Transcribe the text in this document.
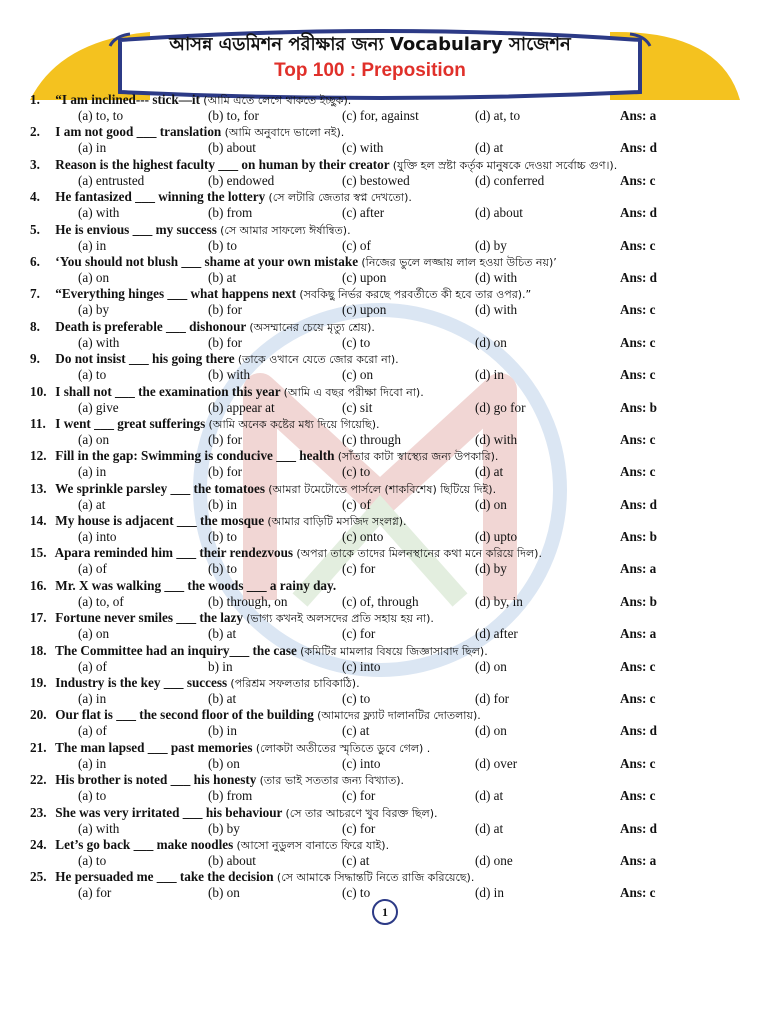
আসন্ন এডমিশন পরীক্ষার জন্য Vocabulary সাজেশন
Top 100 : Preposition
1. “I am inclined--- stick—it (আমি এতে লেগে থাকতে ইচ্ছুক).
(a) to, to	(b) to, for	(c) for, against	(d) at, to	Ans: a
2. I am not good ___ translation (আমি অনুবাদে ভালো নই).
(a) in	(b) about	(c) with	(d) at	Ans: d
3. Reason is the highest faculty ___ on human by their creator (যুক্তি হল স্রষ্টা কর্তৃক মানুষকে দেওয়া সর্বোচ্চ গুণ।).
(a) entrusted	(b) endowed	(c) bestowed	(d) conferred	Ans: c
4. He fantasized ___ winning the lottery (সে লটারি জেতার স্বপ্ন দেখতো).
(a) with	(b) from	(c) after	(d) about	Ans: d
5. He is envious ___ my success (সে আমার সাফল্যে ঈর্ষান্বিত).
(a) in	(b) to	(c) of	(d) by	Ans: c
6. ‘You should not blush ___ shame at your own mistake (নিজের ভুলে লজ্জায় লাল হওয়া উচিত নয়)’
(a) on	(b) at	(c) upon	(d) with	Ans: d
7. “Everything hinges ___ what happens next (সবকিছু নির্ভর করছে পরবর্তীতে কী হবে তার ওপর).”
(a) by	(b) for	(c) upon	(d) with	Ans: c
8. Death is preferable ___ dishonour (অসম্মানের চেয়ে মৃত্যু শ্রেয়).
(a) with	(b) for	(c) to	(d) on	Ans: c
9. Do not insist ___ his going there (তাকে ওখানে যেতে জোর করো না).
(a) to	(b) with	(c) on	(d) in	Ans: c
10. I shall not ___ the examination this year (আমি এ বছর পরীক্ষা দিবো না).
(a) give	(b) appear at	(c) sit	(d) go for	Ans: b
11. I went ___ great sufferings (আমি অনেক কষ্টের মধ্য দিয়ে গিয়েছি).
(a) on	(b) for	(c) through	(d) with	Ans: c
12. Fill in the gap: Swimming is conducive ___ health (সাঁতার কাটা স্বাস্থ্যের জন্য উপকারি).
(a) in	(b) for	(c) to	(d) at	Ans: c
13. We sprinkle parsley ___ the tomatoes (আমরা টমেটোতে পার্সলে (শাকবিশেষ) ছিটিয়ে দিই).
(a) at	(b) in	(c) of	(d) on	Ans: d
14. My house is adjacent ___ the mosque (আমার বাড়িটি মসজিদ সংলগ্ন).
(a) into	(b) to	(c) onto	(d) upto	Ans: b
15. Apara reminded him ___ their rendezvous (অপরা তাকে তাদের মিলনস্থানের কথা মনে করিয়ে দিল).
(a) of	(b) to	(c) for	(d) by	Ans: a
16. Mr. X was walking ___ the woods ___ a rainy day.
(a) to, of	(b) through, on	(c) of, through	(d) by, in	Ans: b
17. Fortune never smiles ___ the lazy (ভাগ্য কখনই অলসদের প্রতি সহায় হয় না).
(a) on	(b) at	(c) for	(d) after	Ans: a
18. The Committee had an inquiry___ the case (কমিটির মামলার বিষয়ে জিজ্ঞাসাবাদ ছিল).
(a) of	b) in	(c) into	(d) on	Ans: c
19. Industry is the key ___ success (পরিশ্রম সফলতার চাবিকাঠি).
(a) in	(b) at	(c) to	(d) for	Ans: c
20. Our flat is ___ the second floor of the building (আমাদের ফ্ল্যাট দালানটির দোতলায়).
(a) of	(b) in	(c) at	(d) on	Ans: d
21. The man lapsed ___ past memories (লোকটা অতীতের স্মৃতিতে ডুবে গেল) .
(a) in	(b) on	(c) into	(d) over	Ans: c
22. His brother is noted ___ his honesty (তার ভাই সততার জন্য বিখ্যাত).
(a) to	(b) from	(c) for	(d) at	Ans: c
23. She was very irritated ___ his behaviour (সে তার আচরণে খুব বিরক্ত ছিল).
(a) with	(b) by	(c) for	(d) at	Ans: d
24. Let’s go back ___ make noodles (আসো নুডুলস বানাতে ফিরে যাই).
(a) to	(b) about	(c) at	(d) one	Ans: a
25. He persuaded me ___ take the decision (সে আমাকে সিদ্ধান্তটি নিতে রাজি করিয়েছে).
(a) for	(b) on	(c) to	(d) in	Ans: c
1
